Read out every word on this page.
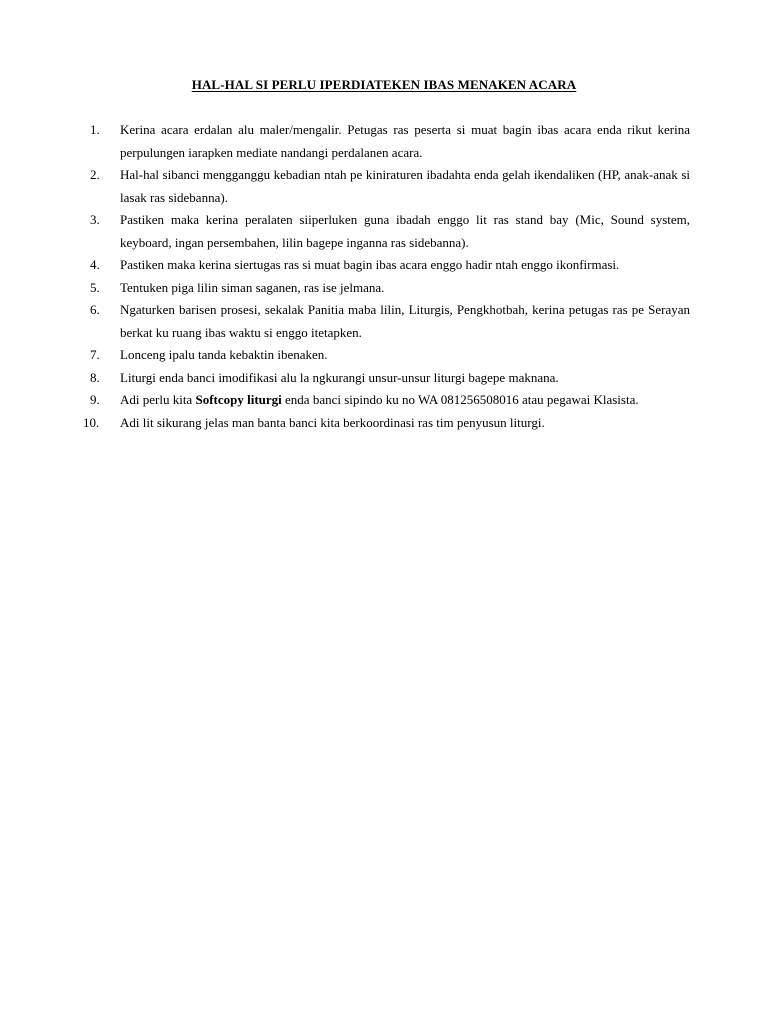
HAL-HAL SI PERLU IPERDIATEKEN IBAS MENAKEN ACARA
1. Kerina acara erdalan alu maler/mengalir. Petugas ras peserta si muat bagin ibas acara enda rikut kerina perpulungen iarapken mediate nandangi perdalanen acara.
2. Hal-hal sibanci mengganggu kebadian ntah pe kiniraturen ibadahta enda gelah ikendaliken (HP, anak-anak si lasak ras sidebanna).
3. Pastiken maka kerina peralaten siiperluken guna ibadah enggo lit ras stand bay (Mic, Sound system, keyboard, ingan persembahen, lilin bagepe inganna ras sidebanna).
4. Pastiken maka kerina siertugas ras si muat bagin ibas acara enggo hadir ntah enggo ikonfirmasi.
5. Tentuken piga lilin siman saganen, ras ise jelmana.
6. Ngaturken barisen prosesi, sekalak Panitia maba lilin, Liturgis, Pengkhotbah, kerina petugas ras pe Serayan berkat ku ruang ibas waktu si enggo itetapken.
7. Lonceng ipalu tanda kebaktin ibenaken.
8. Liturgi enda banci imodifikasi alu la ngkurangi unsur-unsur liturgi bagepe maknana.
9. Adi perlu kita Softcopy liturgi enda banci sipindo ku no WA 081256508016 atau pegawai Klasista.
10. Adi lit sikurang jelas man banta banci kita berkoordinasi ras tim penyusun liturgi.
